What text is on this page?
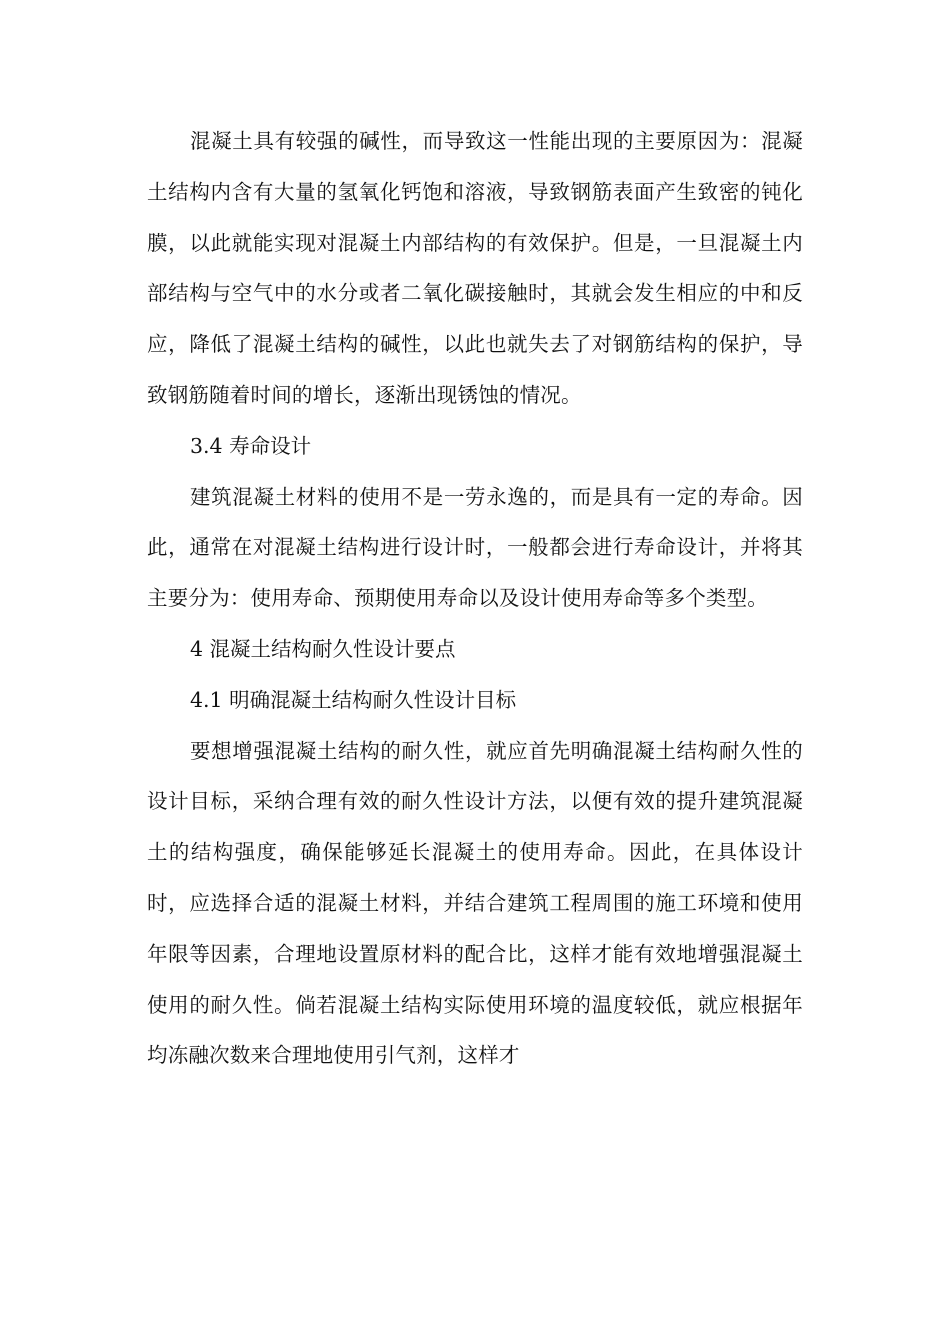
混凝土具有较强的碱性，而导致这一性能出现的主要原因为：混凝土结构内含有大量的氢氧化钙饱和溶液，导致钢筋表面产生致密的钝化膜，以此就能实现对混凝土内部结构的有效保护。但是，一旦混凝土内部结构与空气中的水分或者二氧化碳接触时，其就会发生相应的中和反应，降低了混凝土结构的碱性，以此也就失去了对钢筋结构的保护，导致钢筋随着时间的增长，逐渐出现锈蚀的情况。

3.4 寿命设计

建筑混凝土材料的使用不是一劳永逸的，而是具有一定的寿命。因此，通常在对混凝土结构进行设计时，一般都会进行寿命设计，并将其主要分为：使用寿命、预期使用寿命以及设计使用寿命等多个类型。

4 混凝土结构耐久性设计要点

4.1 明确混凝土结构耐久性设计目标

要想增强混凝土结构的耐久性，就应首先明确混凝土结构耐久性的设计目标，采纳合理有效的耐久性设计方法，以便有效的提升建筑混凝土的结构强度，确保能够延长混凝土的使用寿命。因此，在具体设计时，应选择合适的混凝土材料，并结合建筑工程周围的施工环境和使用年限等因素，合理地设置原材料的配合比，这样才能有效地增强混凝土使用的耐久性。倘若混凝土结构实际使用环境的温度较低，就应根据年均冻融次数来合理地使用引气剂，这样才
